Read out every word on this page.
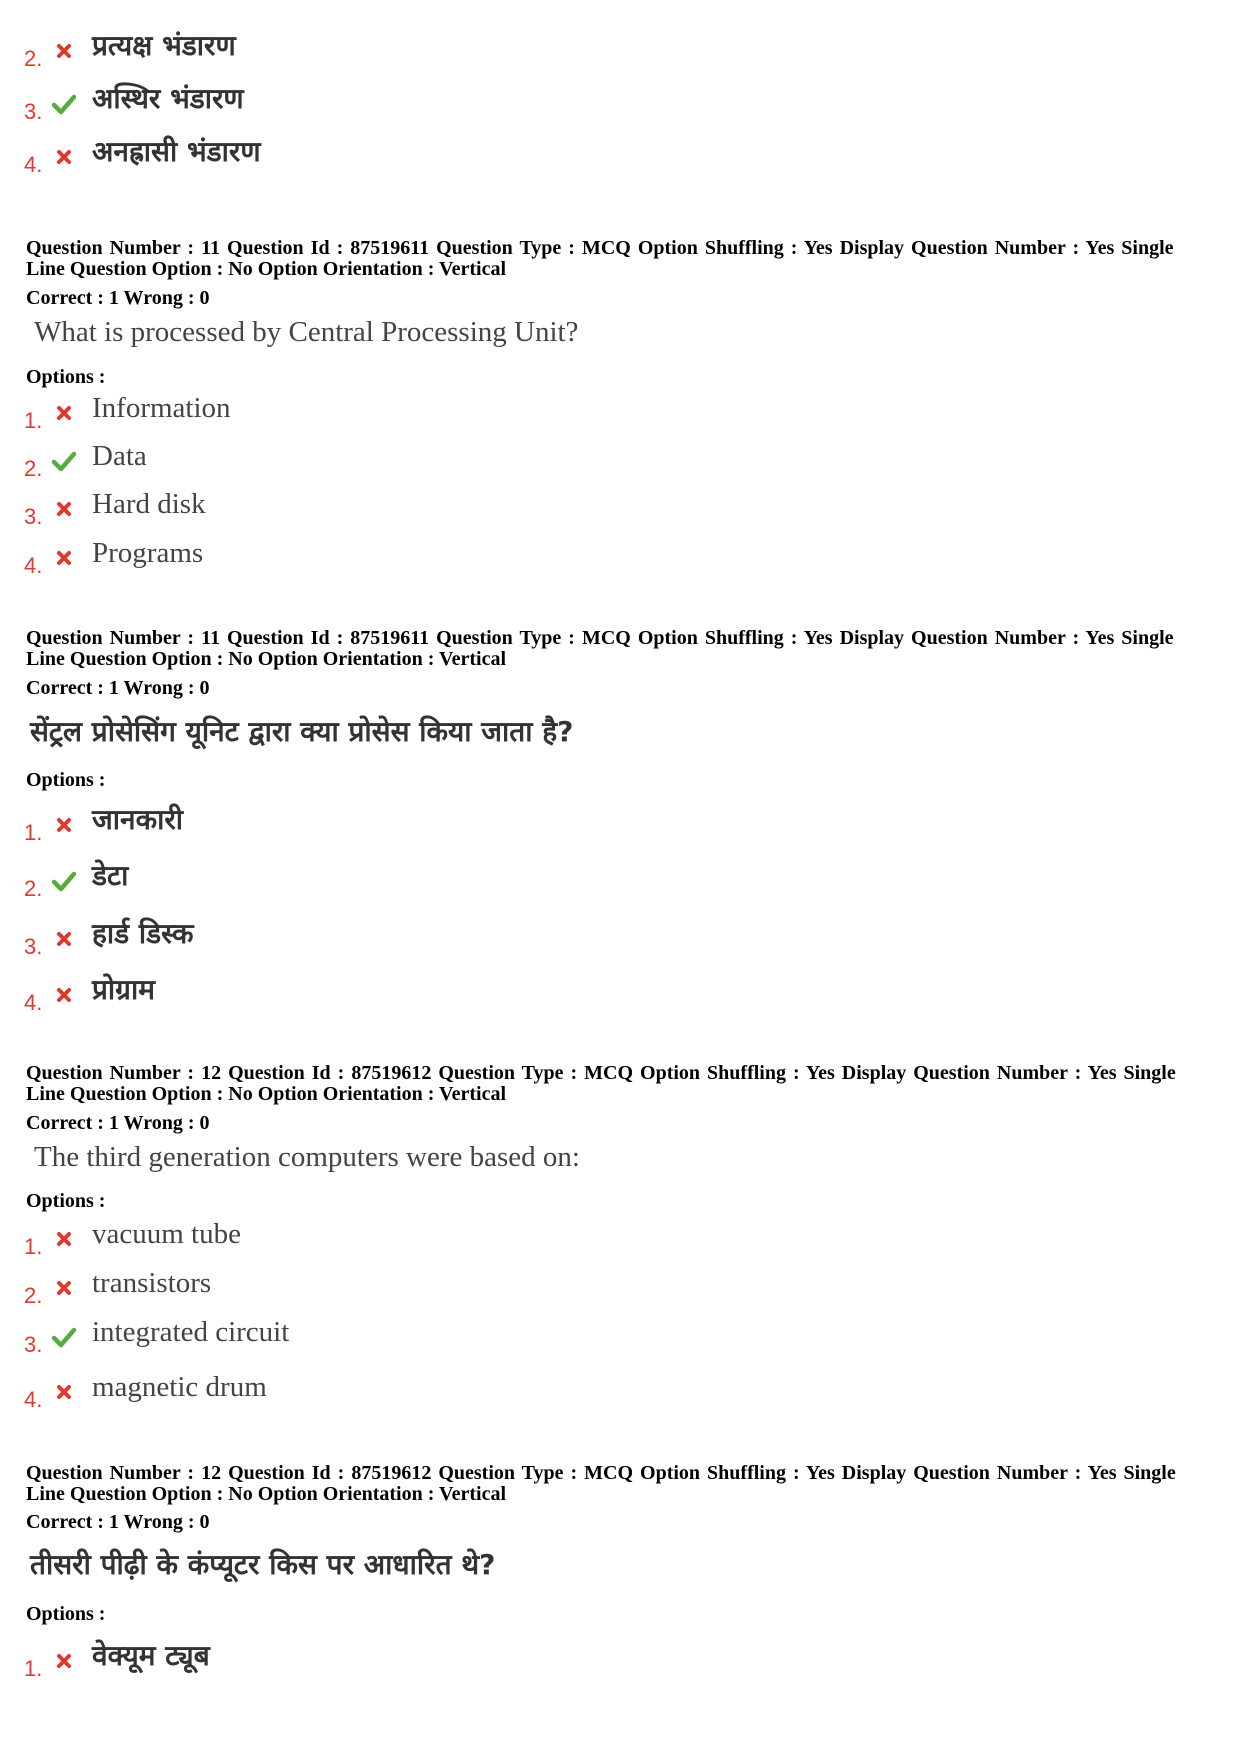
2. प्रत्यक्ष भंडारण
3. अस्थिर भंडारण
4. अनह्रासी भंडारण
Question Number : 11 Question Id : 87519611 Question Type : MCQ Option Shuffling : Yes Display Question Number : Yes Single
Line Question Option : No Option Orientation : Vertical
Correct : 1 Wrong : 0
What is processed by Central Processing Unit?
Options :
1. Information
2. Data
3. Hard disk
4. Programs
Question Number : 11 Question Id : 87519611 Question Type : MCQ Option Shuffling : Yes Display Question Number : Yes Single
Line Question Option : No Option Orientation : Vertical
Correct : 1 Wrong : 0
सेंट्रल प्रोसेसिंग यूनिट द्वारा क्या प्रोसेस किया जाता है?
Options :
1. जानकारी
2. डेटा
3. हार्ड डिस्क
4. प्रोग्राम
Question Number : 12 Question Id : 87519612 Question Type : MCQ Option Shuffling : Yes Display Question Number : Yes Single
Line Question Option : No Option Orientation : Vertical
Correct : 1 Wrong : 0
The third generation computers were based on:
Options :
1. vacuum tube
2. transistors
3. integrated circuit
4. magnetic drum
Question Number : 12 Question Id : 87519612 Question Type : MCQ Option Shuffling : Yes Display Question Number : Yes Single
Line Question Option : No Option Orientation : Vertical
Correct : 1 Wrong : 0
तीसरी पीढ़ी के कंप्यूटर किस पर आधारित थे?
Options :
1. वेक्यूम ट्यूब
